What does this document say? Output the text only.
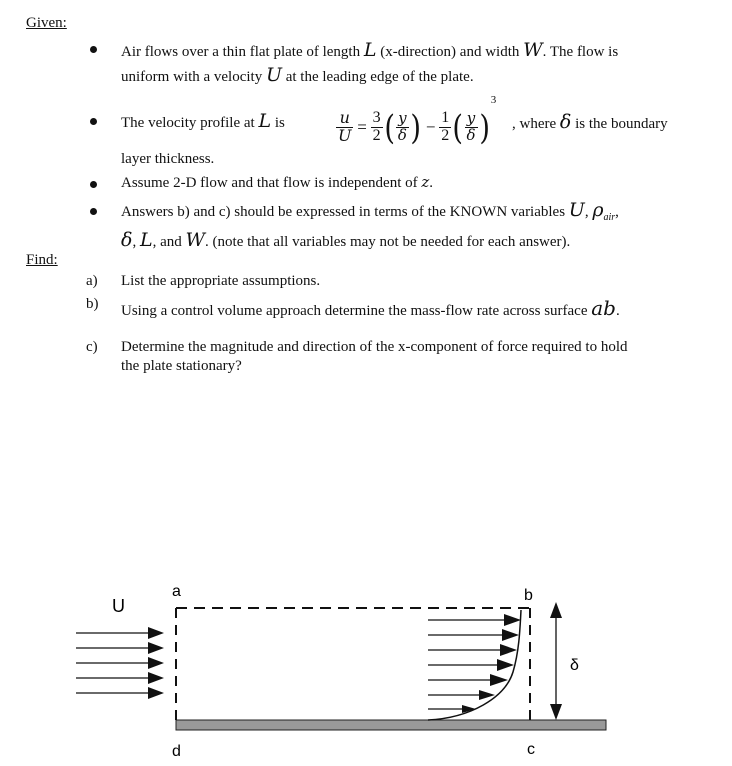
Given:
Find:
Air flows over a thin flat plate of length L (x-direction) and width W. The flow is
uniform with a velocity U at the leading edge of the plate.
The velocity profile at L is	$\frac{u}{U} = \frac{3}{2}$ ( $\frac{y}{\delta}$ ) − $\frac{1}{2}$ ( $\frac{y}{\delta} )^3$
, where δ is the boundary
layer thickness.
Assume 2-D flow and that flow is independent of z.
Answers b) and c) should be expressed in terms of the KNOWN variables U, $\rho_{air}$,
δ, L, and W. (note that all variables may not be needed for each answer).
a) List the appropriate assumptions.
b) Using a control volume approach determine the mass-flow rate across surface ab.
c) Determine the magnitude and direction of the x-component of force required to hold
the plate stationary?
U
a	b
c
d
δ
